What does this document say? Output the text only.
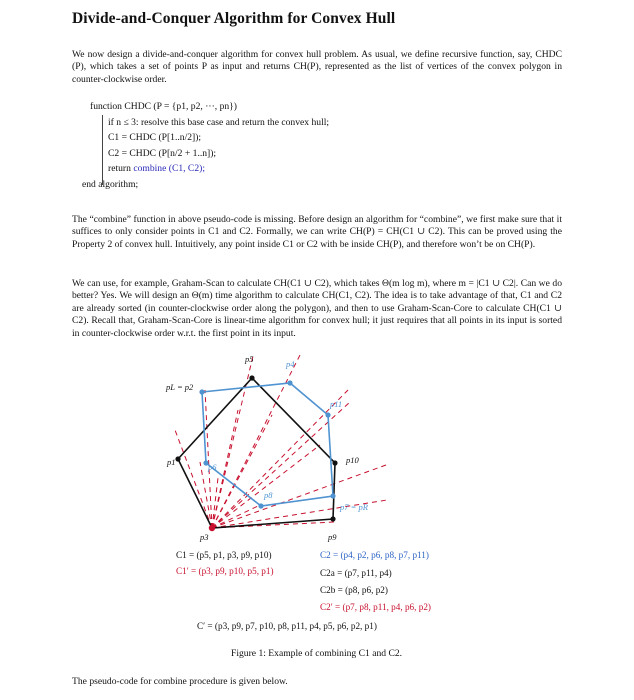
Divide-and-Conquer Algorithm for Convex Hull

We now design a divide-and-conquer algorithm for convex hull problem. As usual, we define recursive function, say, CHDC (P), which takes a set of points P as input and returns CH(P), represented as the list of vertices of the convex polygon in counter-clockwise order.

function CHDC (P = {p1, p2, ···, pn})
if n ≤ 3: resolve this base case and return the convex hull;
C1 = CHDC (P[1..n/2]);
C2 = CHDC (P[n/2 + 1..n]);
return combine (C1, C2);
end algorithm;

The “combine” function in above pseudo-code is missing. Before design an algorithm for “combine”, we first make sure that it suffices to only consider points in C1 and C2. Formally, we can write CH(P) = CH(C1 ∪ C2). This can be proved using the Property 2 of convex hull. Intuitively, any point inside C1 or C2 with be inside CH(P), and therefore won’t be on CH(P).

We can use, for example, Graham-Scan to calculate CH(C1 ∪ C2), which takes Θ(m log m), where m = |C1 ∪ C2|. Can we do better? Yes. We will design an Θ(m) time algorithm to calculate CH(C1, C2). The idea is to take advantage of that, C1 and C2 are already sorted (in counter-clockwise order along the polygon), and then to use Graham-Scan-Core to calculate CH(C1 ∪ C2). Recall that, Graham-Scan-Core is linear-time algorithm for convex hull; it just requires that all points in its input is sorted in counter-clockwise order w.r.t. the first point in its input.

p5	p4
pL = p2
p11
p1	p10
p6
p8
p7 = pR
p3	p9
C1 = (p5, p1, p3, p9, p10)
C1′ = (p3, p9, p10, p5, p1)
C2 = (p4, p2, p6, p8, p7, p11)
C2a = (p7, p11, p4)
C2b = (p8, p6, p2)
C2′ = (p7, p8, p11, p4, p6, p2)
C′ = (p3, p9, p7, p10, p8, p11, p4, p5, p6, p2, p1)
Figure 1: Example of combining C1 and C2.
The pseudo-code for combine procedure is given below.
